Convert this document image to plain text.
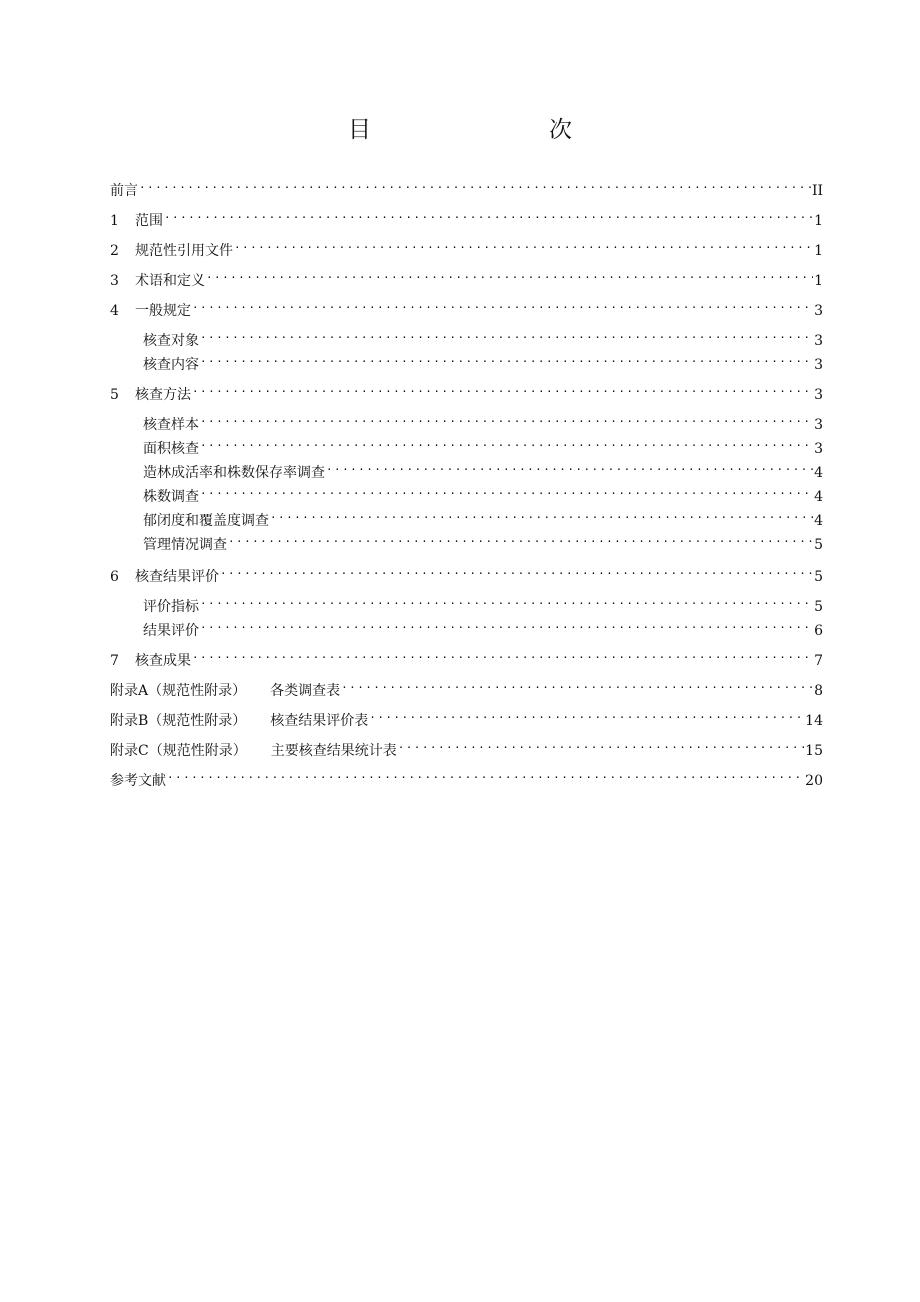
目　　次
前言 . . .	II
1	范围 . . .	1
2	规范性引用文件 . . .	1
3	术语和定义 . . .	1
4	一般规定 . . .	3
核查对象 . . .	3
核查内容 . . .	3
5	核查方法 . . .	3
核查样本 . . .	3
面积核查 . . .	3
造林成活率和株数保存率调查 . . .	4
株数调查 . . .	4
郁闭度和覆盖度调查 . . .	4
管理情况调查 . . .	5
6	核查结果评价 . . .	5
评价指标 . . .	5
结果评价 . . .	6
7	核查成果 . . .	7
附录A（规范性附录） 各类调查表 . . .	8
附录B（规范性附录） 核查结果评价表 . . .	14
附录C（规范性附录） 主要核查结果统计表 . . .	15
参考文献 . . .	20
